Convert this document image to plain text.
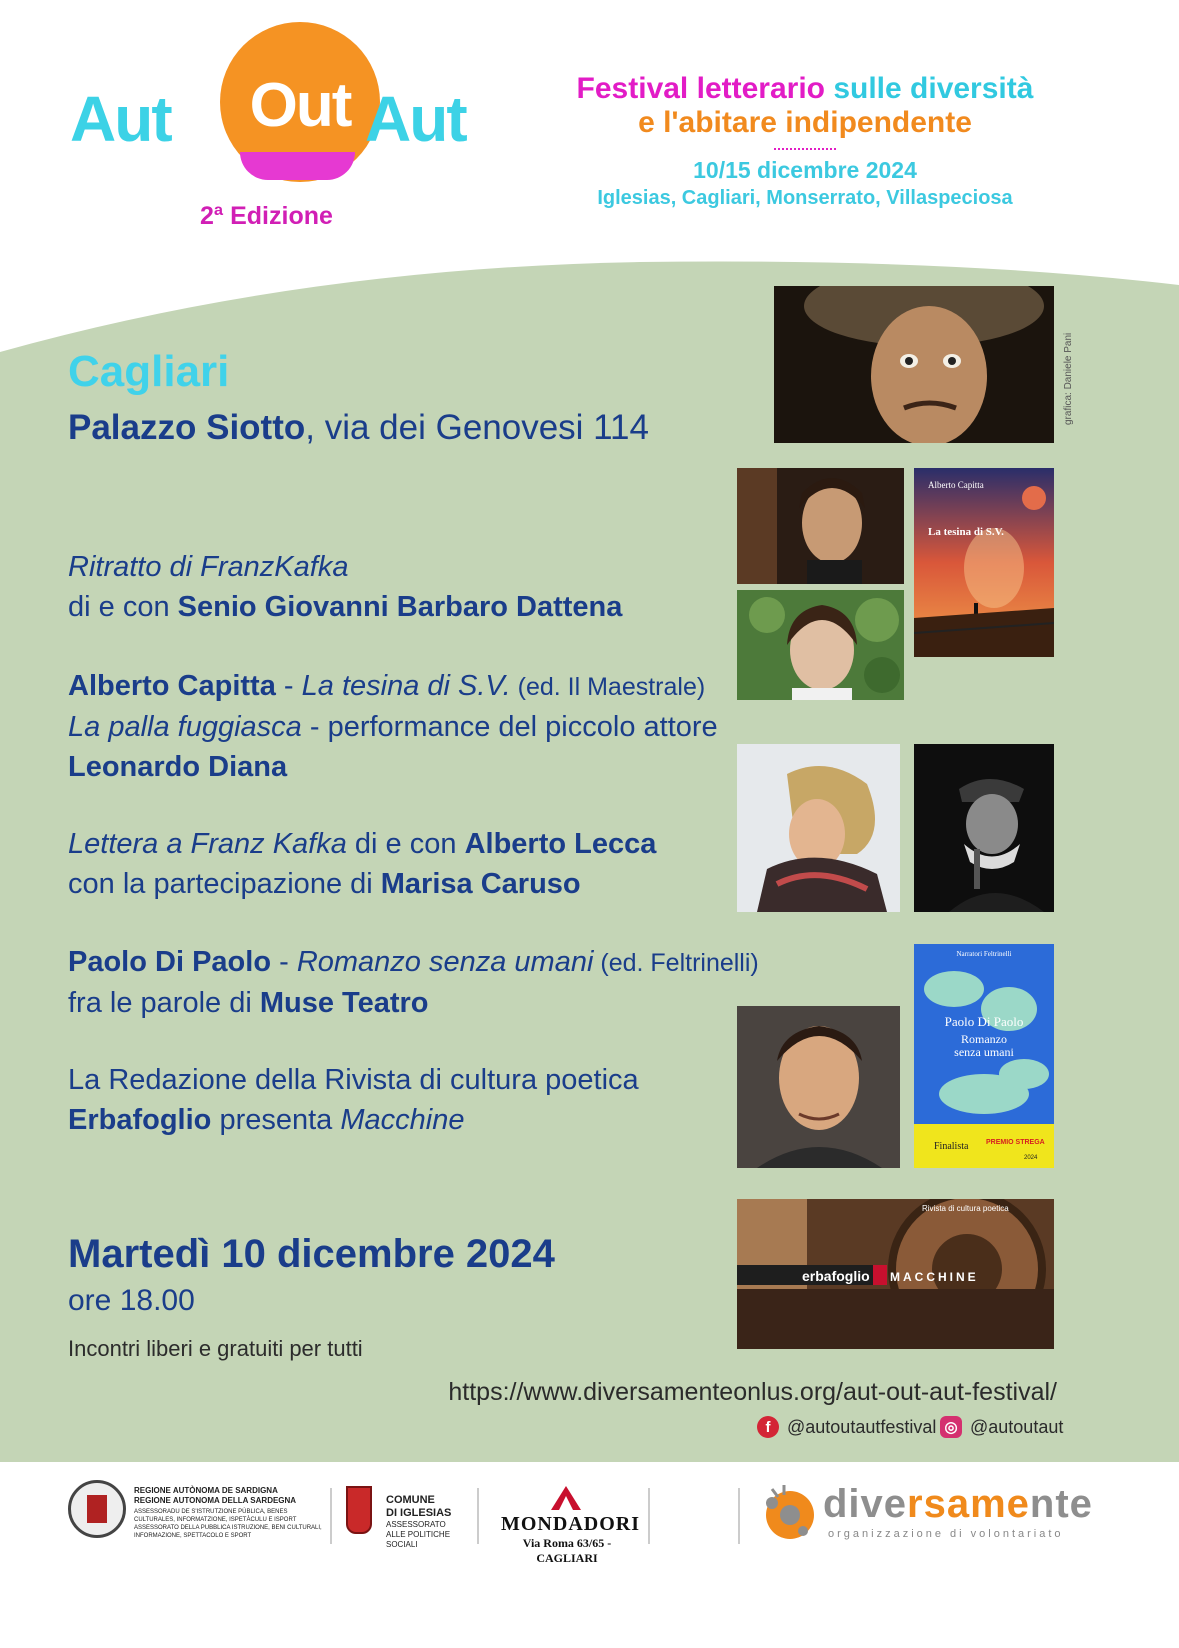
Aut	Out Aut
2ª Edizione
Festival letterario sulle diversità
e l'abitare indipendente
10/15 dicembre 2024
Iglesias, Cagliari, Monserrato, Villaspeciosa
Cagliari
Palazzo Siotto, via dei Genovesi 114
Ritratto di FranzKafka
di e con Senio Giovanni Barbaro Dattena
Alberto Capitta - La tesina di S.V. (ed. Il Maestrale)
La palla fuggiasca - performance del piccolo attore
Leonardo Diana
Lettera a Franz Kafka di e con Alberto Lecca
con la partecipazione di Marisa Caruso
Paolo Di Paolo - Romanzo senza umani (ed. Feltrinelli)
fra le parole di Muse Teatro
La Redazione della Rivista di cultura poetica
Erbafoglio presenta Macchine
Martedì 10 dicembre 2024
ore 18.00
Incontri liberi e gratuiti per tutti
https://www.diversamenteonlus.org/aut-out-aut-festival/
f @autoutautfestival ◎ @autoutaut
grafica: Daniele Pani
Alberto Capitta
La tesina di S.V.
Narratori Feltrinelli
Paolo Di Paolo
Romanzo
senza umani
Finalista	PREMIO STREGA
2024
Rivista di cultura poetica
erbafoglio MACCHINE
REGIONE AUTÒNOMA DE SARDIGNA
REGIONE AUTONOMA DELLA SARDEGNA
ASSESSORADU DE S'ISTRUTZIONE PÙBLICA, BENES CULTURALES, INFORMATZIONE, ISPETÀCULU E ISPORT
ASSESSORATO DELLA PUBBLICA ISTRUZIONE, BENI CULTURALI, INFORMAZIONE, SPETTACOLO E SPORT
COMUNE
DI IGLESIAS
ASSESSORATO ALLE POLITICHE SOCIALI
MONDADORI
Via Roma 63/65 - CAGLIARI
diversamente
organizzazione di volontariato
